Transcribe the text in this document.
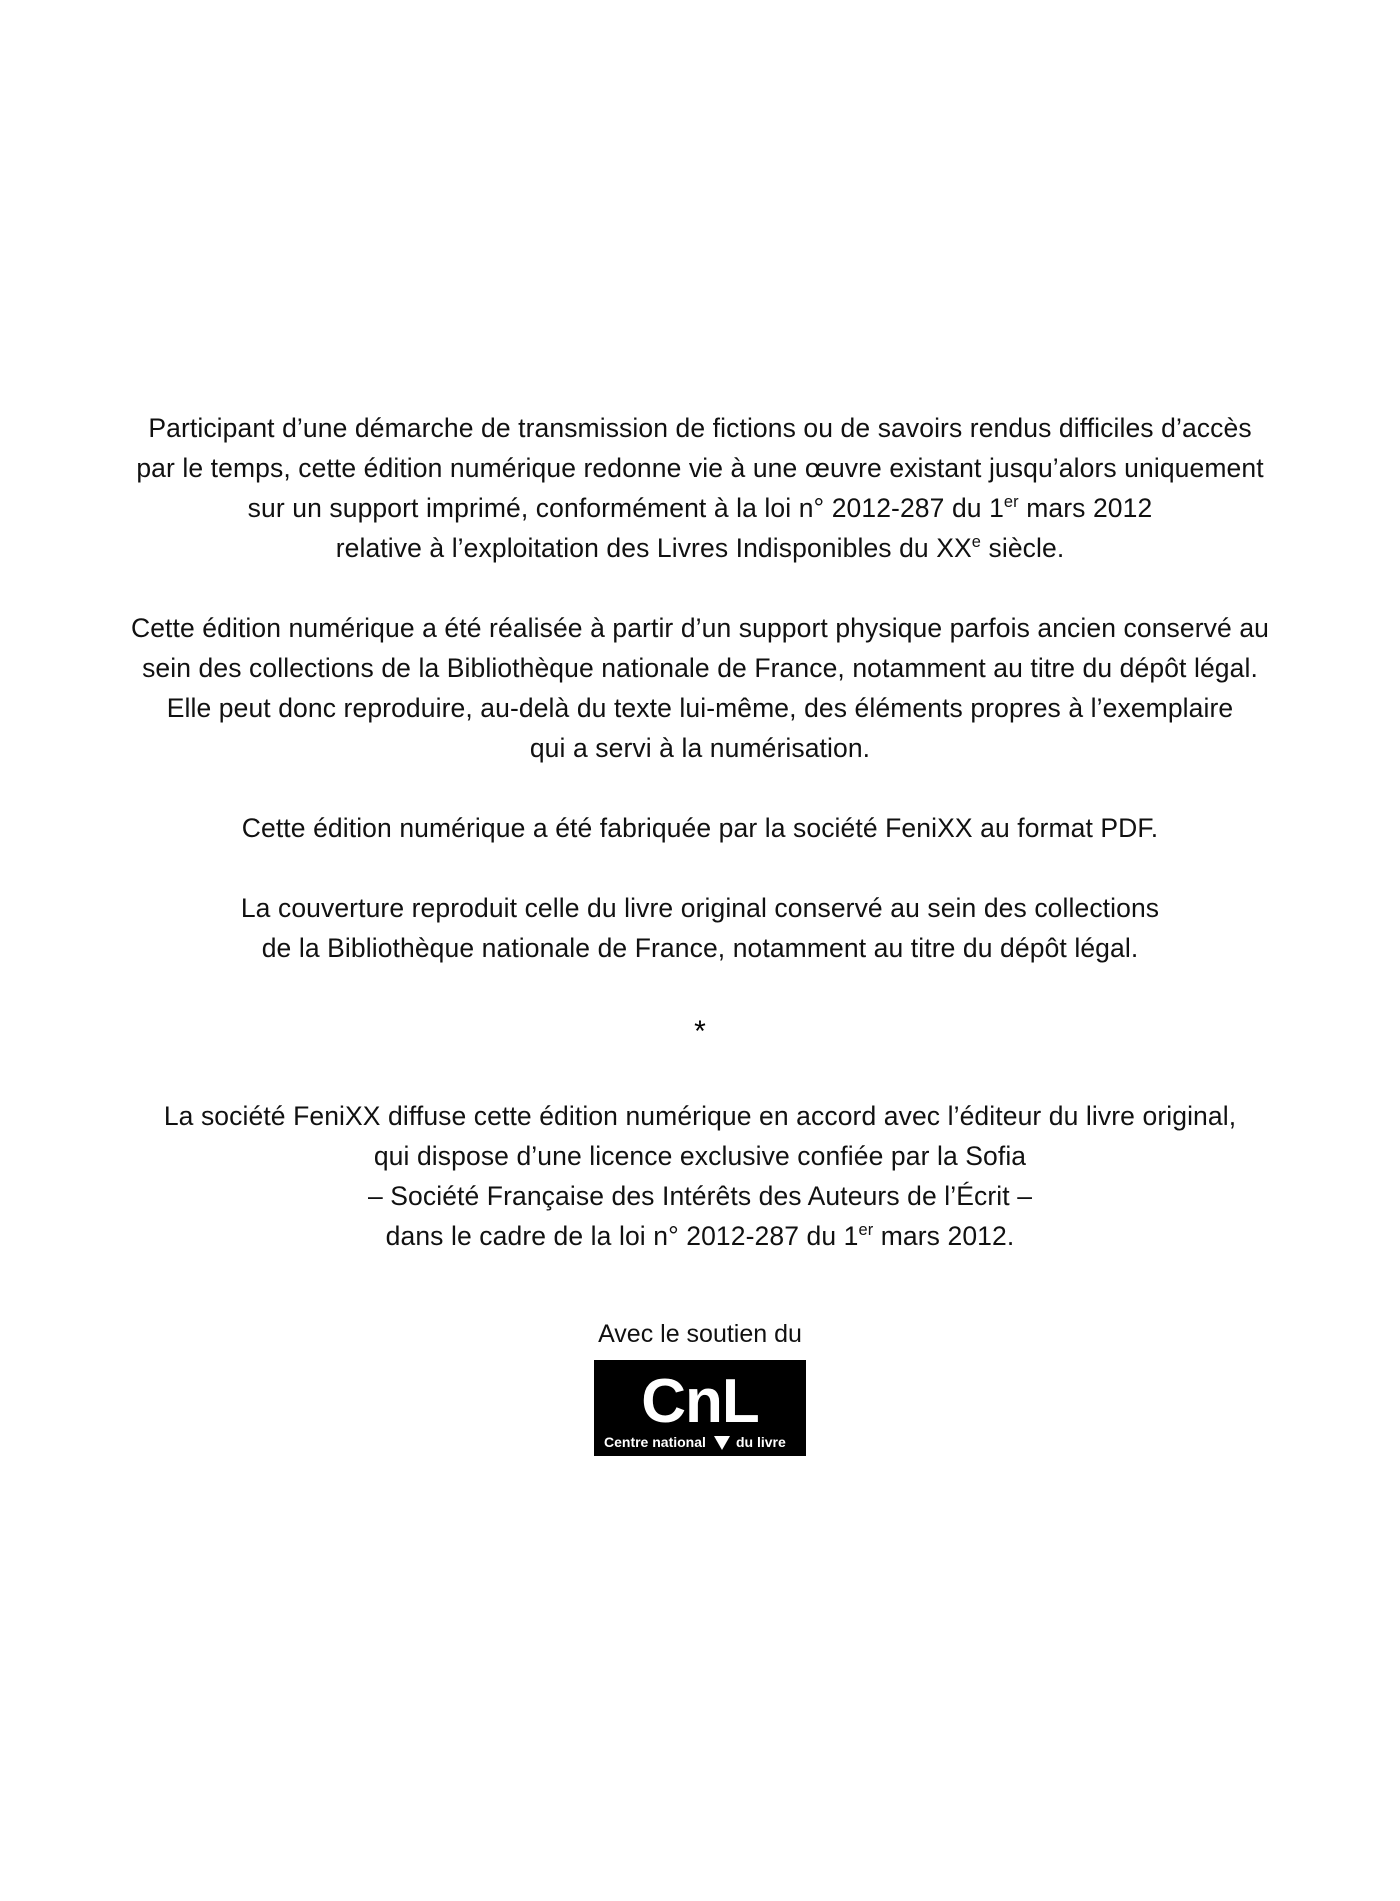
Participant d’une démarche de transmission de fictions ou de savoirs rendus difficiles d’accès
par le temps, cette édition numérique redonne vie à une œuvre existant jusqu’alors uniquement
sur un support imprimé, conformément à la loi n° 2012-287 du 1er mars 2012
relative à l’exploitation des Livres Indisponibles du XXe siècle.
Cette édition numérique a été réalisée à partir d’un support physique parfois ancien conservé au
sein des collections de la Bibliothèque nationale de France, notamment au titre du dépôt légal.
Elle peut donc reproduire, au-delà du texte lui-même, des éléments propres à l’exemplaire
qui a servi à la numérisation.
Cette édition numérique a été fabriquée par la société FeniXX au format PDF.
La couverture reproduit celle du livre original conservé au sein des collections
de la Bibliothèque nationale de France, notamment au titre du dépôt légal.
*
La société FeniXX diffuse cette édition numérique en accord avec l’éditeur du livre original,
qui dispose d’une licence exclusive confiée par la Sofia
– Société Française des Intérêts des Auteurs de l’Écrit –
dans le cadre de la loi n° 2012-287 du 1er mars 2012.
Avec le soutien du
CnL
Centre national du livre
